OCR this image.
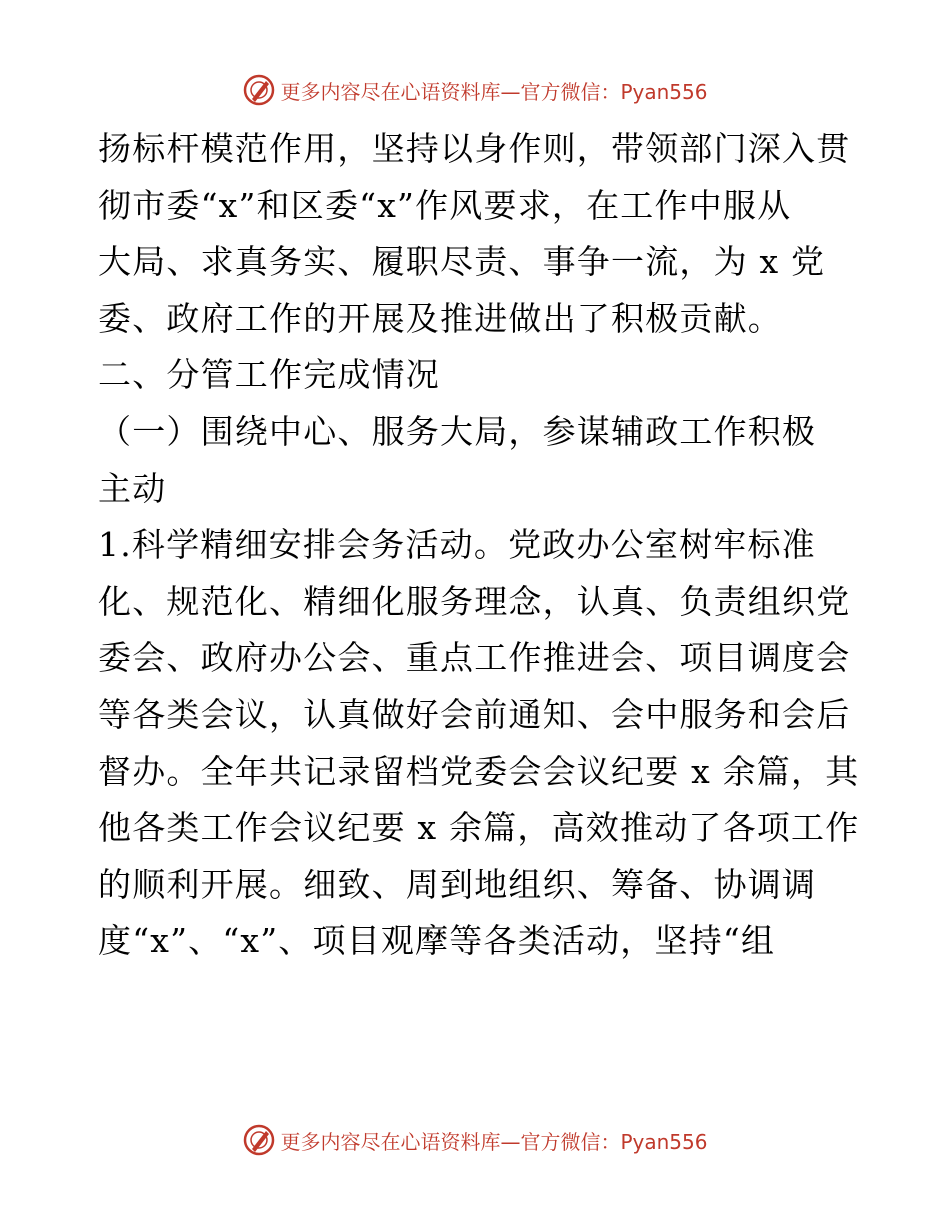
更多内容尽在心语资料库—官方微信：Pyan556
扬标杆模范作用，坚持以身作则，带领部门深入贯
彻市委“x”和区委“x”作风要求，在工作中服从
大局、求真务实、履职尽责、事争一流，为 x 党
委、政府工作的开展及推进做出了积极贡献。
二、分管工作完成情况
（一）围绕中心、服务大局，参谋辅政工作积极
主动
1.科学精细安排会务活动。党政办公室树牢标准
化、规范化、精细化服务理念，认真、负责组织党
委会、政府办公会、重点工作推进会、项目调度会
等各类会议，认真做好会前通知、会中服务和会后
督办。全年共记录留档党委会会议纪要 x 余篇，其
他各类工作会议纪要 x 余篇，高效推动了各项工作
的顺利开展。细致、周到地组织、筹备、协调调
度“x”、“x”、项目观摩等各类活动，坚持“组
更多内容尽在心语资料库—官方微信：Pyan556
